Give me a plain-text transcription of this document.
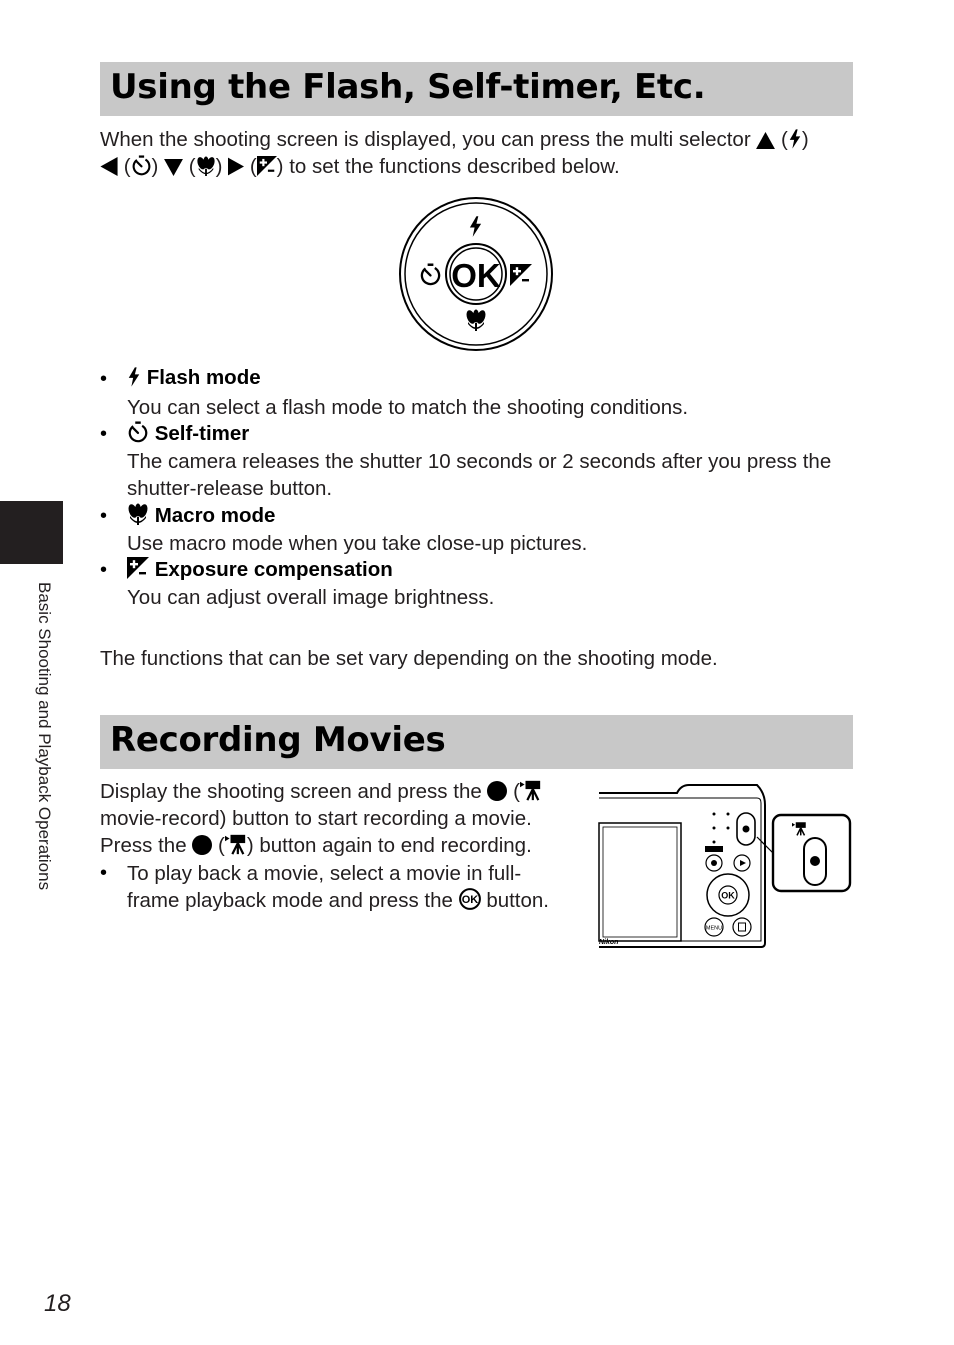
Using the Flash, Self-timer, Etc.
When the shooting screen is displayed, you can press the multi selector  ( )
( )  ( )  ( ) to set the functions described below.
OK
•	Flash mode
You can select a flash mode to match the shooting conditions.
•	Self-timer
The camera releases the shutter 10 seconds or 2 seconds after you press the
shutter-release button.
•	Macro mode
Use macro mode when you take close-up pictures.
•	Exposure compensation
You can adjust overall image brightness.
The functions that can be set vary depending on the shooting mode.
Recording Movies
Display the shooting screen and press the  (
movie-record) button to start recording a movie.
Press the  ( ) button again to end recording.
• To play back a movie, select a movie in full-
frame playback mode and press the button.	OK
MENU
Nikon
Basic Shooting and Playback Operations
18
